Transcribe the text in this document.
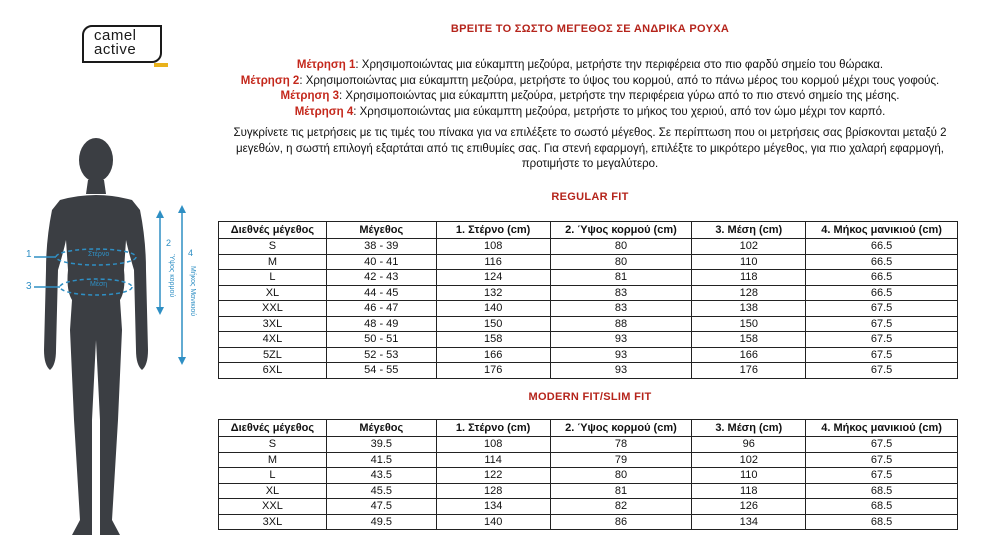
camel
active
1
3
Στέρνο
Μέση
2
Ύψος κορμού
4
Μήκος Μανικιού
ΒΡΕΙΤΕ ΤΟ ΣΩΣΤΟ ΜΕΓΕΘΟΣ ΣΕ ΑΝΔΡΙΚΑ ΡΟΥΧΑ
Μέτρηση 1: Χρησιμοποιώντας μια εύκαμπτη μεζούρα, μετρήστε την περιφέρεια στο πιο φαρδύ σημείο του θώρακα.
Μέτρηση 2: Χρησιμοποιώντας μια εύκαμπτη μεζούρα, μετρήστε το ύψος του κορμού, από το πάνω μέρος του κορμού μέχρι τους γοφούς.
Μέτρηση 3: Χρησιμοποιώντας μια εύκαμπτη μεζούρα, μετρήστε την περιφέρεια γύρω από το πιο στενό σημείο της μέσης.
Μέτρηση 4: Χρησιμοποιώντας μια εύκαμπτη μεζούρα, μετρήστε το μήκος του χεριού, από τον ώμο μέχρι τον καρπό.
Συγκρίνετε τις μετρήσεις με τις τιμές του πίνακα για να επιλέξετε το σωστό μέγεθος. Σε περίπτωση που οι μετρήσεις σας βρίσκονται μεταξύ 2 μεγεθών, η σωστή επιλογή εξαρτάται από τις επιθυμίες σας. Για στενή εφαρμογή, επιλέξτε το μικρότερο μέγεθος, για πιο χαλαρή εφαρμογή, προτιμήστε το μεγαλύτερο.
REGULAR FIT
Διεθνές μέγεθος	Μέγεθος	1. Στέρνο (cm)	2. Ύψος κορμού (cm)	3. Μέση (cm)	4. Μήκος μανικιού (cm)
S	38 - 39	108	80	102	66.5
M	40 - 41	116	80	110	66.5
L	42 - 43	124	81	118	66.5
XL	44 - 45	132	83	128	66.5
XXL	46 - 47	140	83	138	67.5
3XL	48 - 49	150	88	150	67.5
4XL	50 - 51	158	93	158	67.5
5ZL	52 - 53	166	93	166	67.5
6XL	54 - 55	176	93	176	67.5
MODERN FIT/SLIM FIT
Διεθνές μέγεθος	Μέγεθος	1. Στέρνο (cm)	2. Ύψος κορμού (cm)	3. Μέση (cm)	4. Μήκος μανικιού (cm)
S	39.5	108	78	96	67.5
M	41.5	114	79	102	67.5
L	43.5	122	80	110	67.5
XL	45.5	128	81	118	68.5
XXL	47.5	134	82	126	68.5
3XL	49.5	140	86	134	68.5
